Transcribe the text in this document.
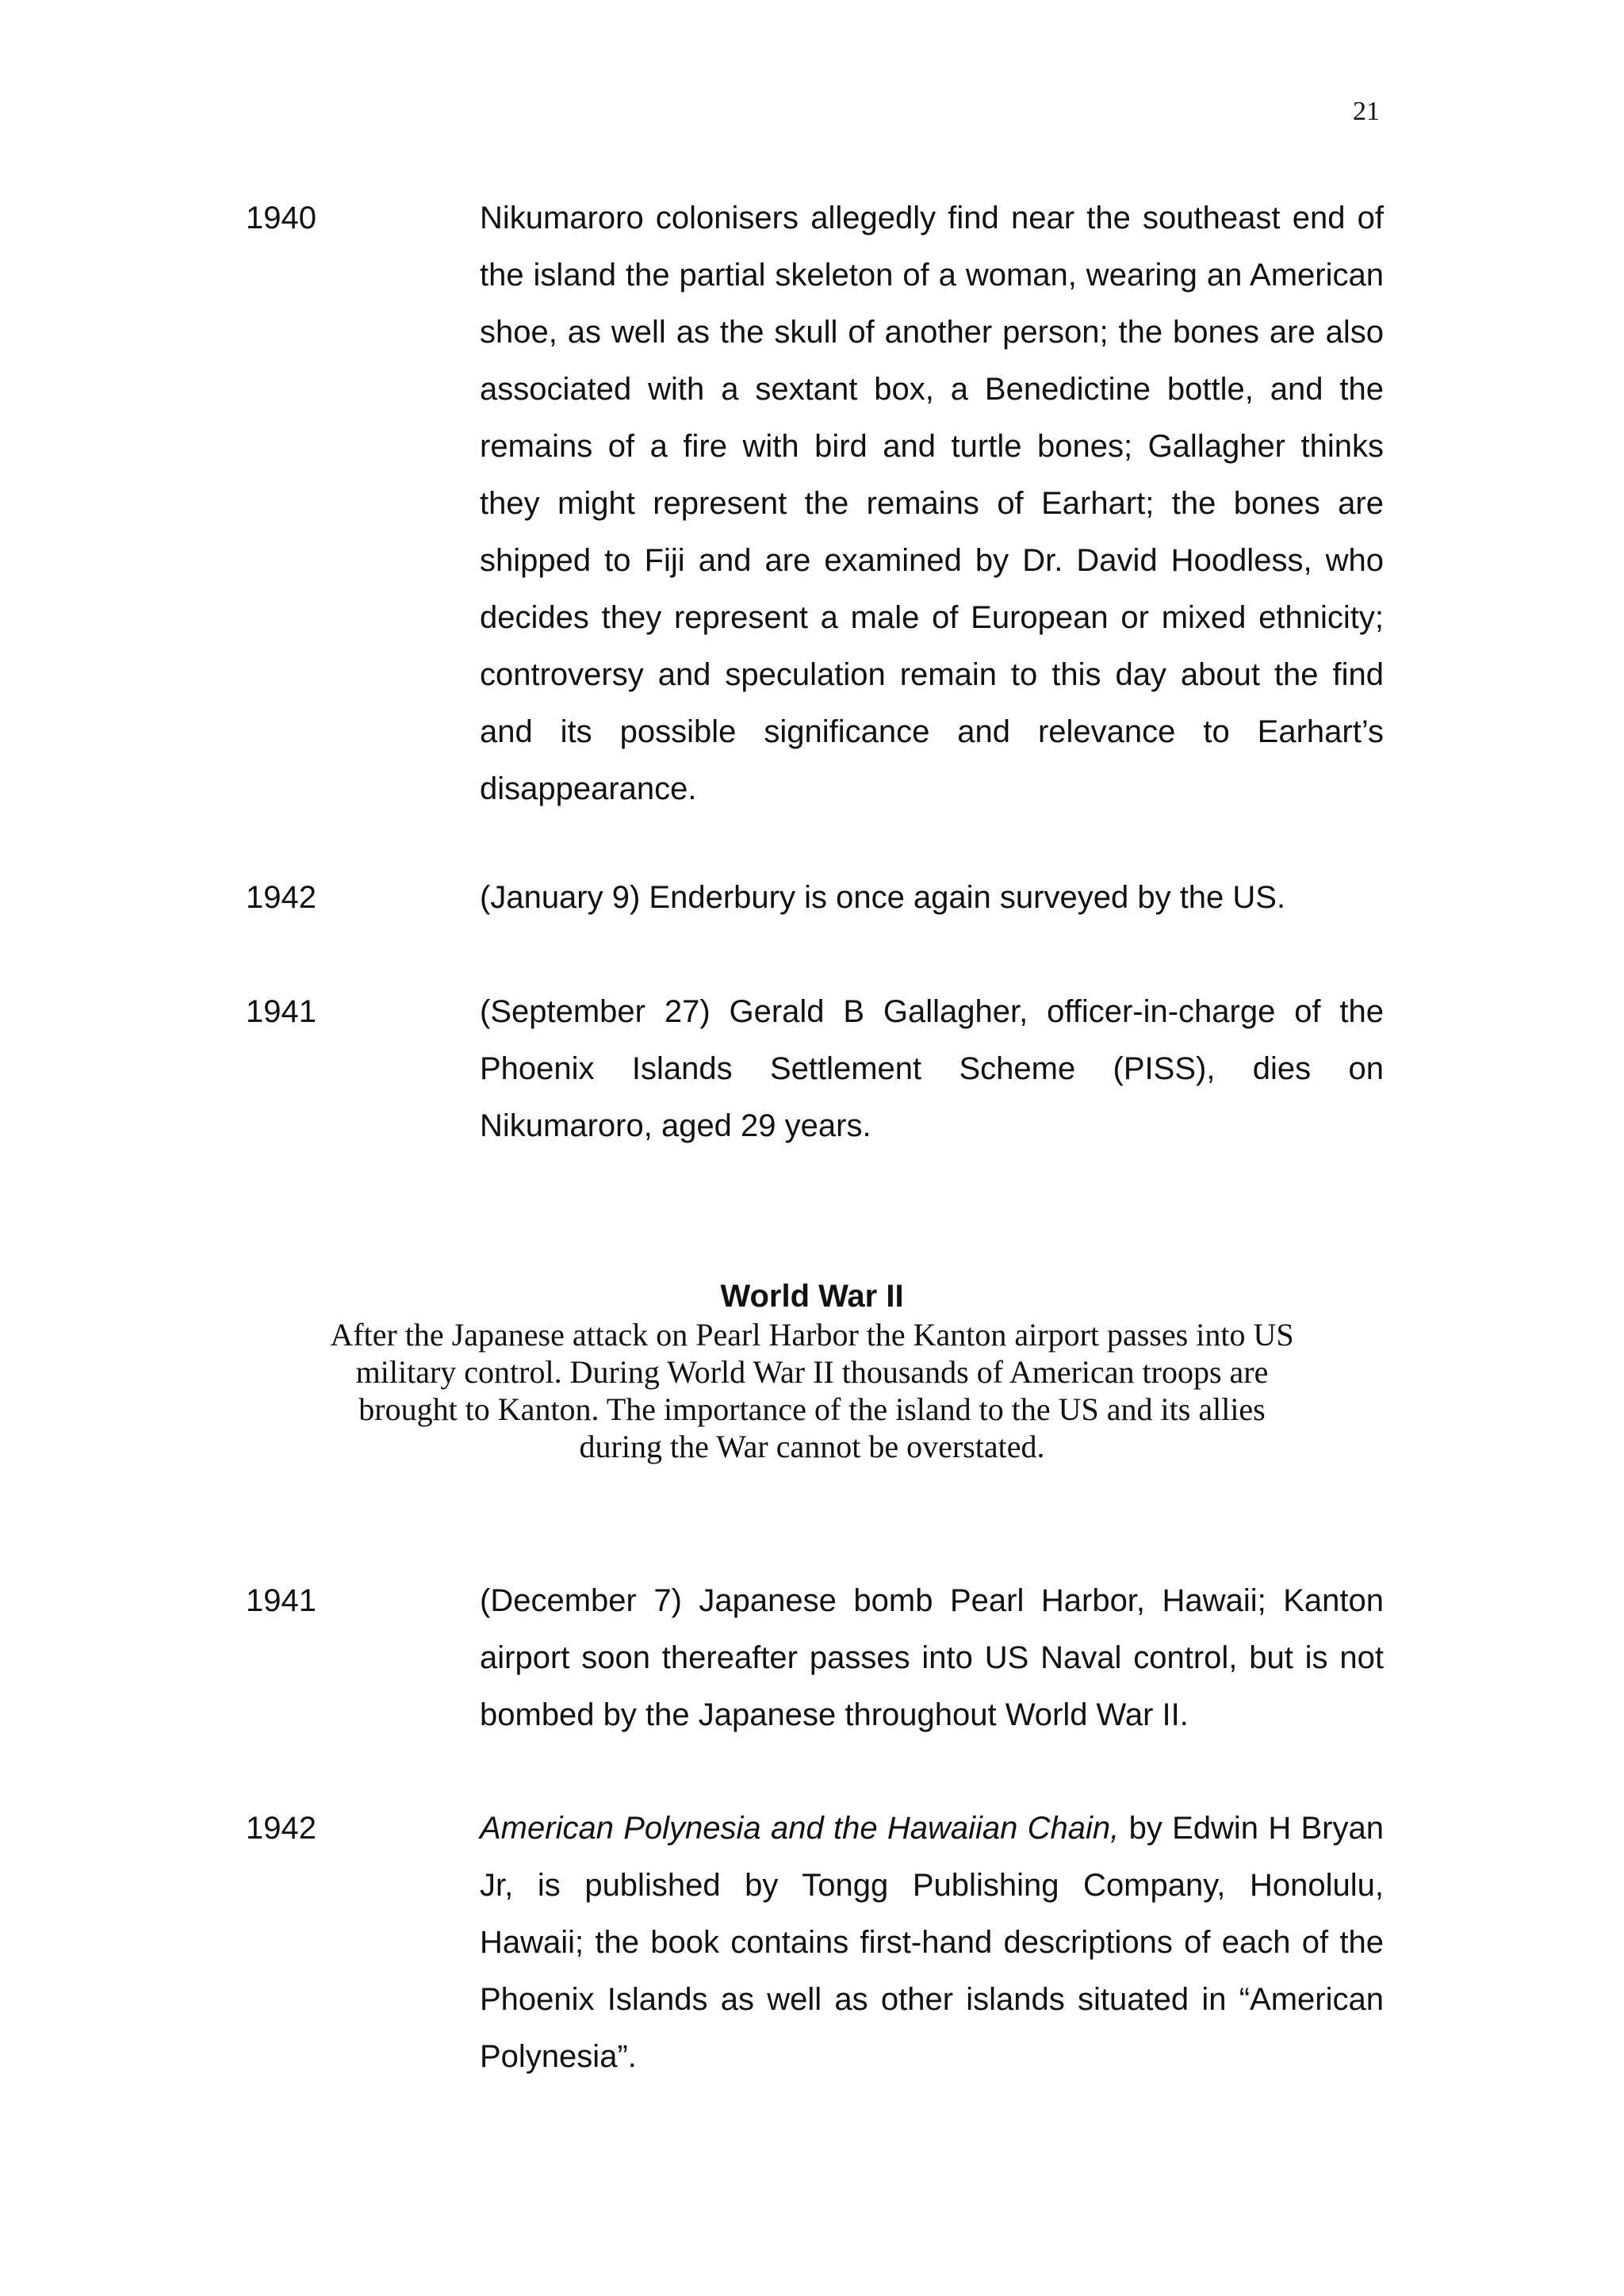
21
1940	Nikumaroro colonisers allegedly find near the southeast end of the island the partial skeleton of a woman, wearing an American shoe, as well as the skull of another person; the bones are also associated with a sextant box, a Benedictine bottle, and the remains of a fire with bird and turtle bones; Gallagher thinks they might represent the remains of Earhart; the bones are shipped to Fiji and are examined by Dr. David Hoodless, who decides they represent a male of European or mixed ethnicity; controversy and speculation remain to this day about the find and its possible significance and relevance to Earhart’s disappearance.

1942	(January 9) Enderbury is once again surveyed by the US.

1941	(September 27) Gerald B Gallagher, officer-in-charge of the Phoenix Islands Settlement Scheme (PISS), dies on Nikumaroro, aged 29 years.

World War II

After the Japanese attack on Pearl Harbor the Kanton airport passes into US military control. During World War II thousands of American troops are brought to Kanton. The importance of the island to the US and its allies during the War cannot be overstated.
1941	(December 7) Japanese bomb Pearl Harbor, Hawaii; Kanton airport soon thereafter passes into US Naval control, but is not bombed by the Japanese throughout World War II.

1942	American Polynesia and the Hawaiian Chain, by Edwin H Bryan Jr, is published by Tongg Publishing Company, Honolulu, Hawaii; the book contains first-hand descriptions of each of the Phoenix Islands as well as other islands situated in “American Polynesia”.
